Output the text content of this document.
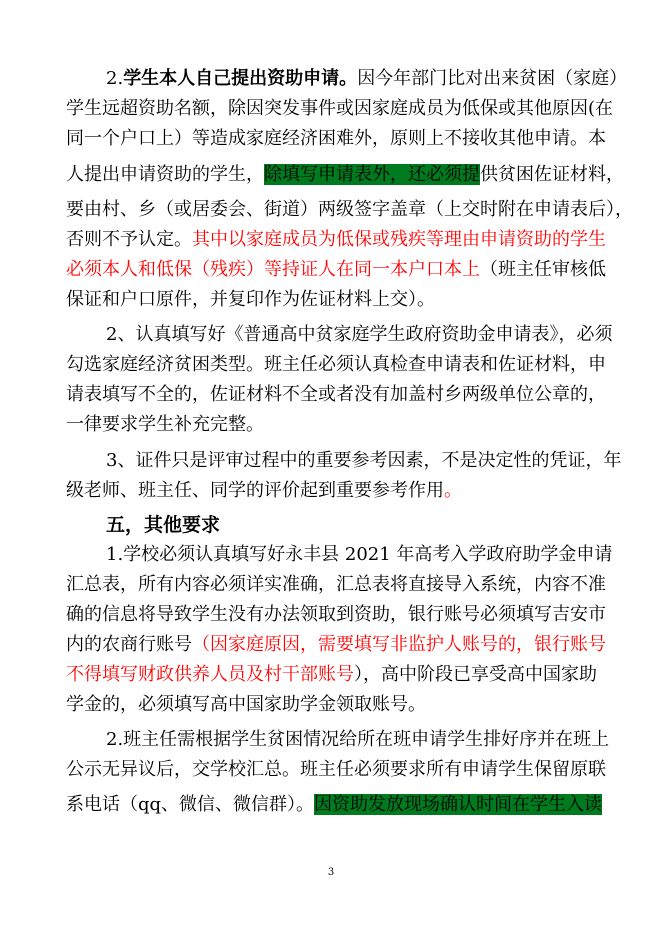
2.学生本人自己提出资助申请。因今年部门比对出来贫困（家庭）
学生远超资助名额，除因突发事件或因家庭成员为低保或其他原因(在
同一个户口上）等造成家庭经济困难外，原则上不接收其他申请。本
人提出申请资助的学生，除填写申请表外，还必须提供贫困佐证材料，
要由村、乡（或居委会、街道）两级签字盖章（上交时附在申请表后），
否则不予认定。其中以家庭成员为低保或残疾等理由申请资助的学生
必须本人和低保（残疾）等持证人在同一本户口本上（班主任审核低
保证和户口原件，并复印作为佐证材料上交）。
2、认真填写好《普通高中贫家庭学生政府资助金申请表》，必须
勾选家庭经济贫困类型。班主任必须认真检查申请表和佐证材料，申
请表填写不全的，佐证材料不全或者没有加盖村乡两级单位公章的，
一律要求学生补充完整。
3、证件只是评审过程中的重要参考因素，不是决定性的凭证，年
级老师、班主任、同学的评价起到重要参考作用。
五，其他要求
1.学校必须认真填写好永丰县 2021 年高考入学政府助学金申请
汇总表，所有内容必须详实准确，汇总表将直接导入系统，内容不准
确的信息将导致学生没有办法领取到资助，银行账号必须填写吉安市
内的农商行账号（因家庭原因，需要填写非监护人账号的，银行账号
不得填写财政供养人员及村干部账号），高中阶段已享受高中国家助
学金的，必须填写高中国家助学金领取账号。
2.班主任需根据学生贫困情况给所在班申请学生排好序并在班上
公示无异议后，交学校汇总。班主任必须要求所有申请学生保留原联
系电话（qq、微信、微信群）。因资助发放现场确认时间在学生入读
3
